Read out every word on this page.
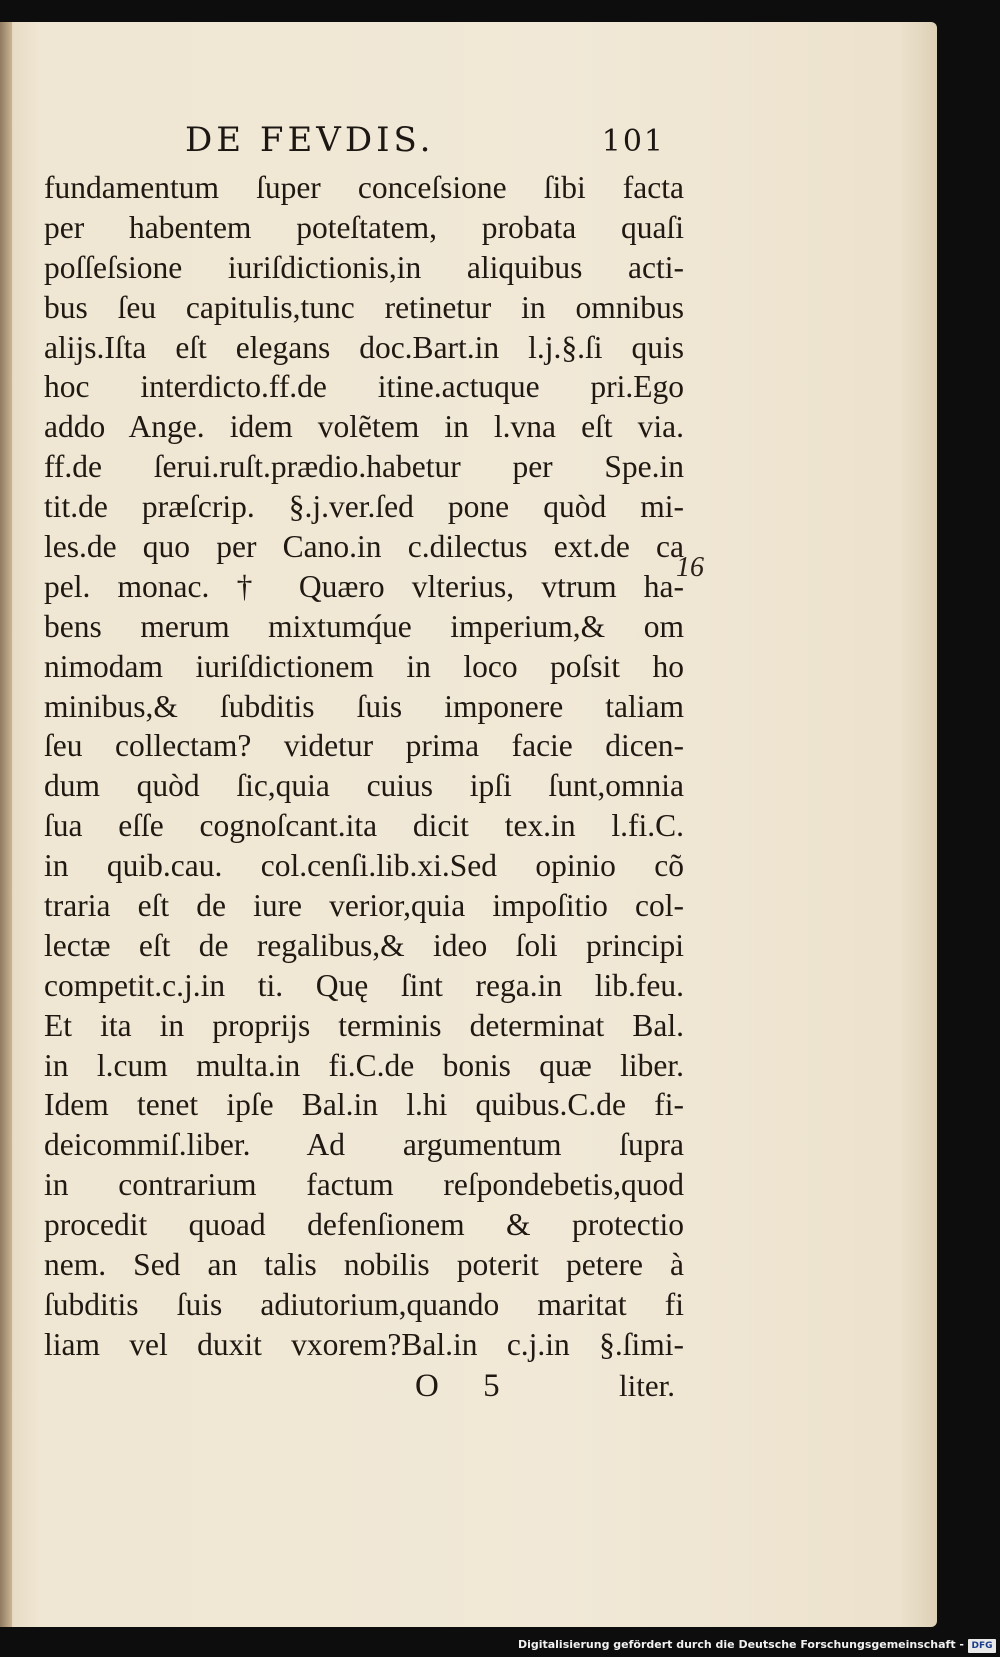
DE FEVDIS.	101
fundamentum ſuper conceſsione ſibi facta
per habentem poteſtatem, probata quaſi
poſſeſsione iuriſdictionis,in aliquibus acti-
bus ſeu capitulis,tunc retinetur in omnibus
alijs.Iſta eſt elegans doc.Bart.in l.j.§.ſi quis
hoc interdicto.ff.de itine.actuque pri.Ego
addo Ange. idem volẽtem in l.vna eſt via.
ff.de ſerui.ruſt.prædio.habetur per Spe.in
tit.de præſcrip. §.j.ver.ſed pone quòd mi-
les.de quo per Cano.in c.dilectus ext.de ca
pel. monac. † Quæro vlterius, vtrum ha-
bens merum mixtumq́ue imperium,& om
nimodam iuriſdictionem in loco poſsit ho
minibus,& ſubditis ſuis imponere taliam
ſeu collectam? videtur prima facie dicen-
dum quòd ſic,quia cuius ipſi ſunt,omnia
ſua eſſe cognoſcant.ita dicit tex.in l.fi.C.
in quib.cau. col.cenſi.lib.xi.Sed opinio cõ
traria eſt de iure verior,quia impoſitio col-
lectæ eſt de regalibus,& ideo ſoli principi
competit.c.j.in ti. Quę ſint rega.in lib.feu.
Et ita in proprijs terminis determinat Bal.
in l.cum multa.in fi.C.de bonis quæ liber.
Idem tenet ipſe Bal.in l.hi quibus.C.de fi-
deicommiſ.liber. Ad argumentum ſupra
in contrarium factum reſpondebetis,quod
procedit quoad defenſionem & protectio
nem. Sed an talis nobilis poterit petere à
ſubditis ſuis adiutorium,quando maritat fi
liam vel duxit vxorem?Bal.in c.j.in §.ſimi-
16
O 5	liter.
Digitalisierung gefördert durch die Deutsche Forschungsgemeinschaft - DFG
